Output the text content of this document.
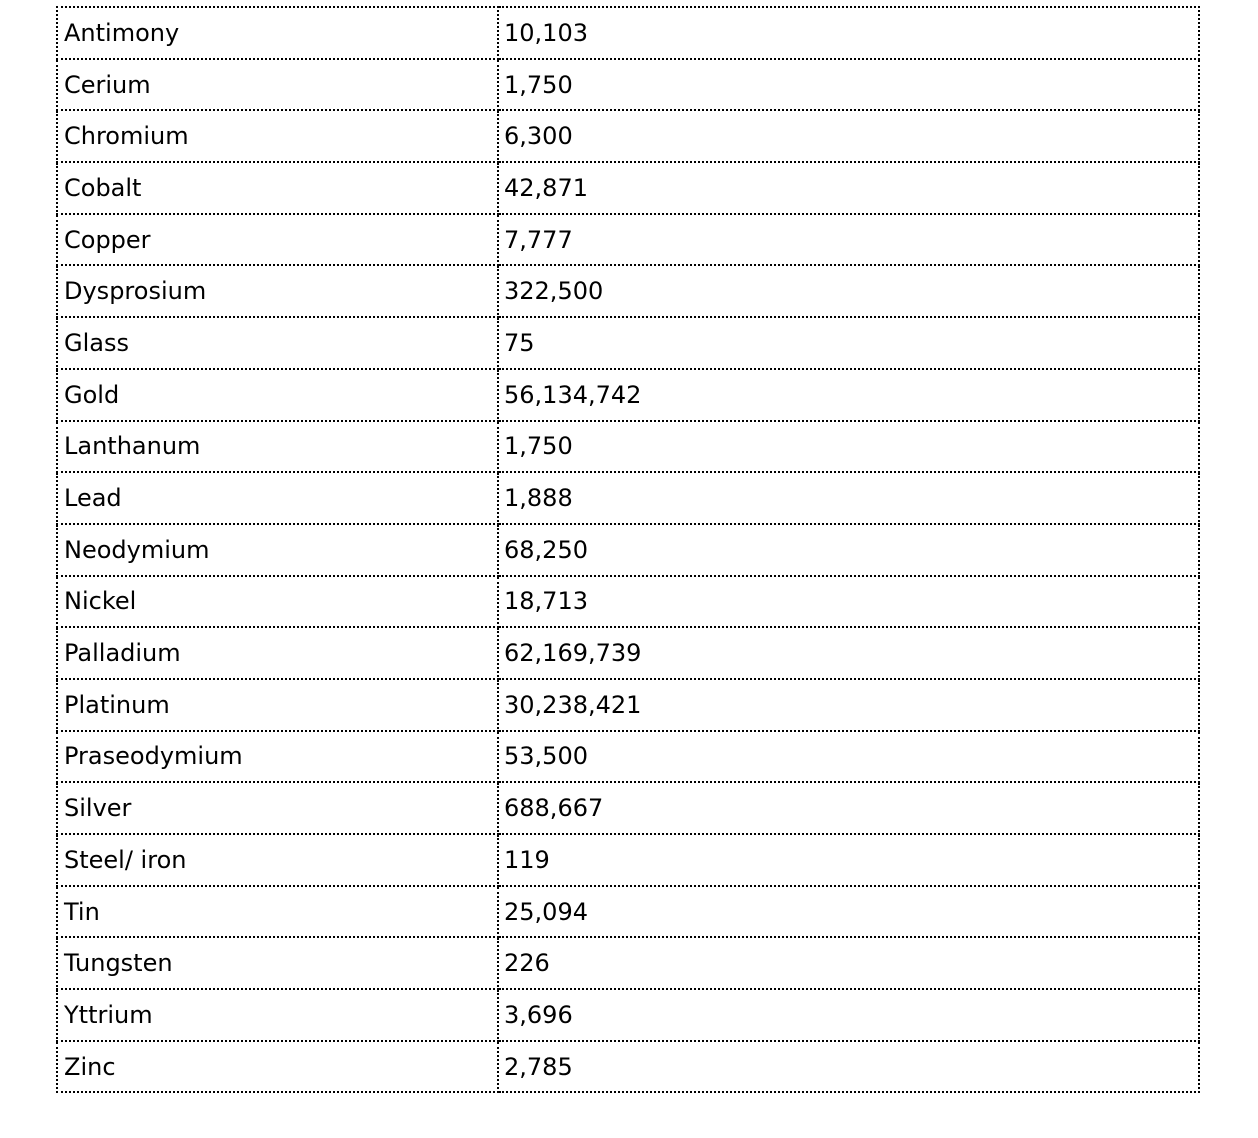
Antimony	10,103
Cerium	1,750
Chromium	6,300
Cobalt	42,871
Copper	7,777
Dysprosium	322,500
Glass	75
Gold	56,134,742
Lanthanum	1,750
Lead	1,888
Neodymium	68,250
Nickel	18,713
Palladium	62,169,739
Platinum	30,238,421
Praseodymium	53,500
Silver	688,667
Steel/ iron	119
Tin	25,094
Tungsten	226
Yttrium	3,696
Zinc	2,785
